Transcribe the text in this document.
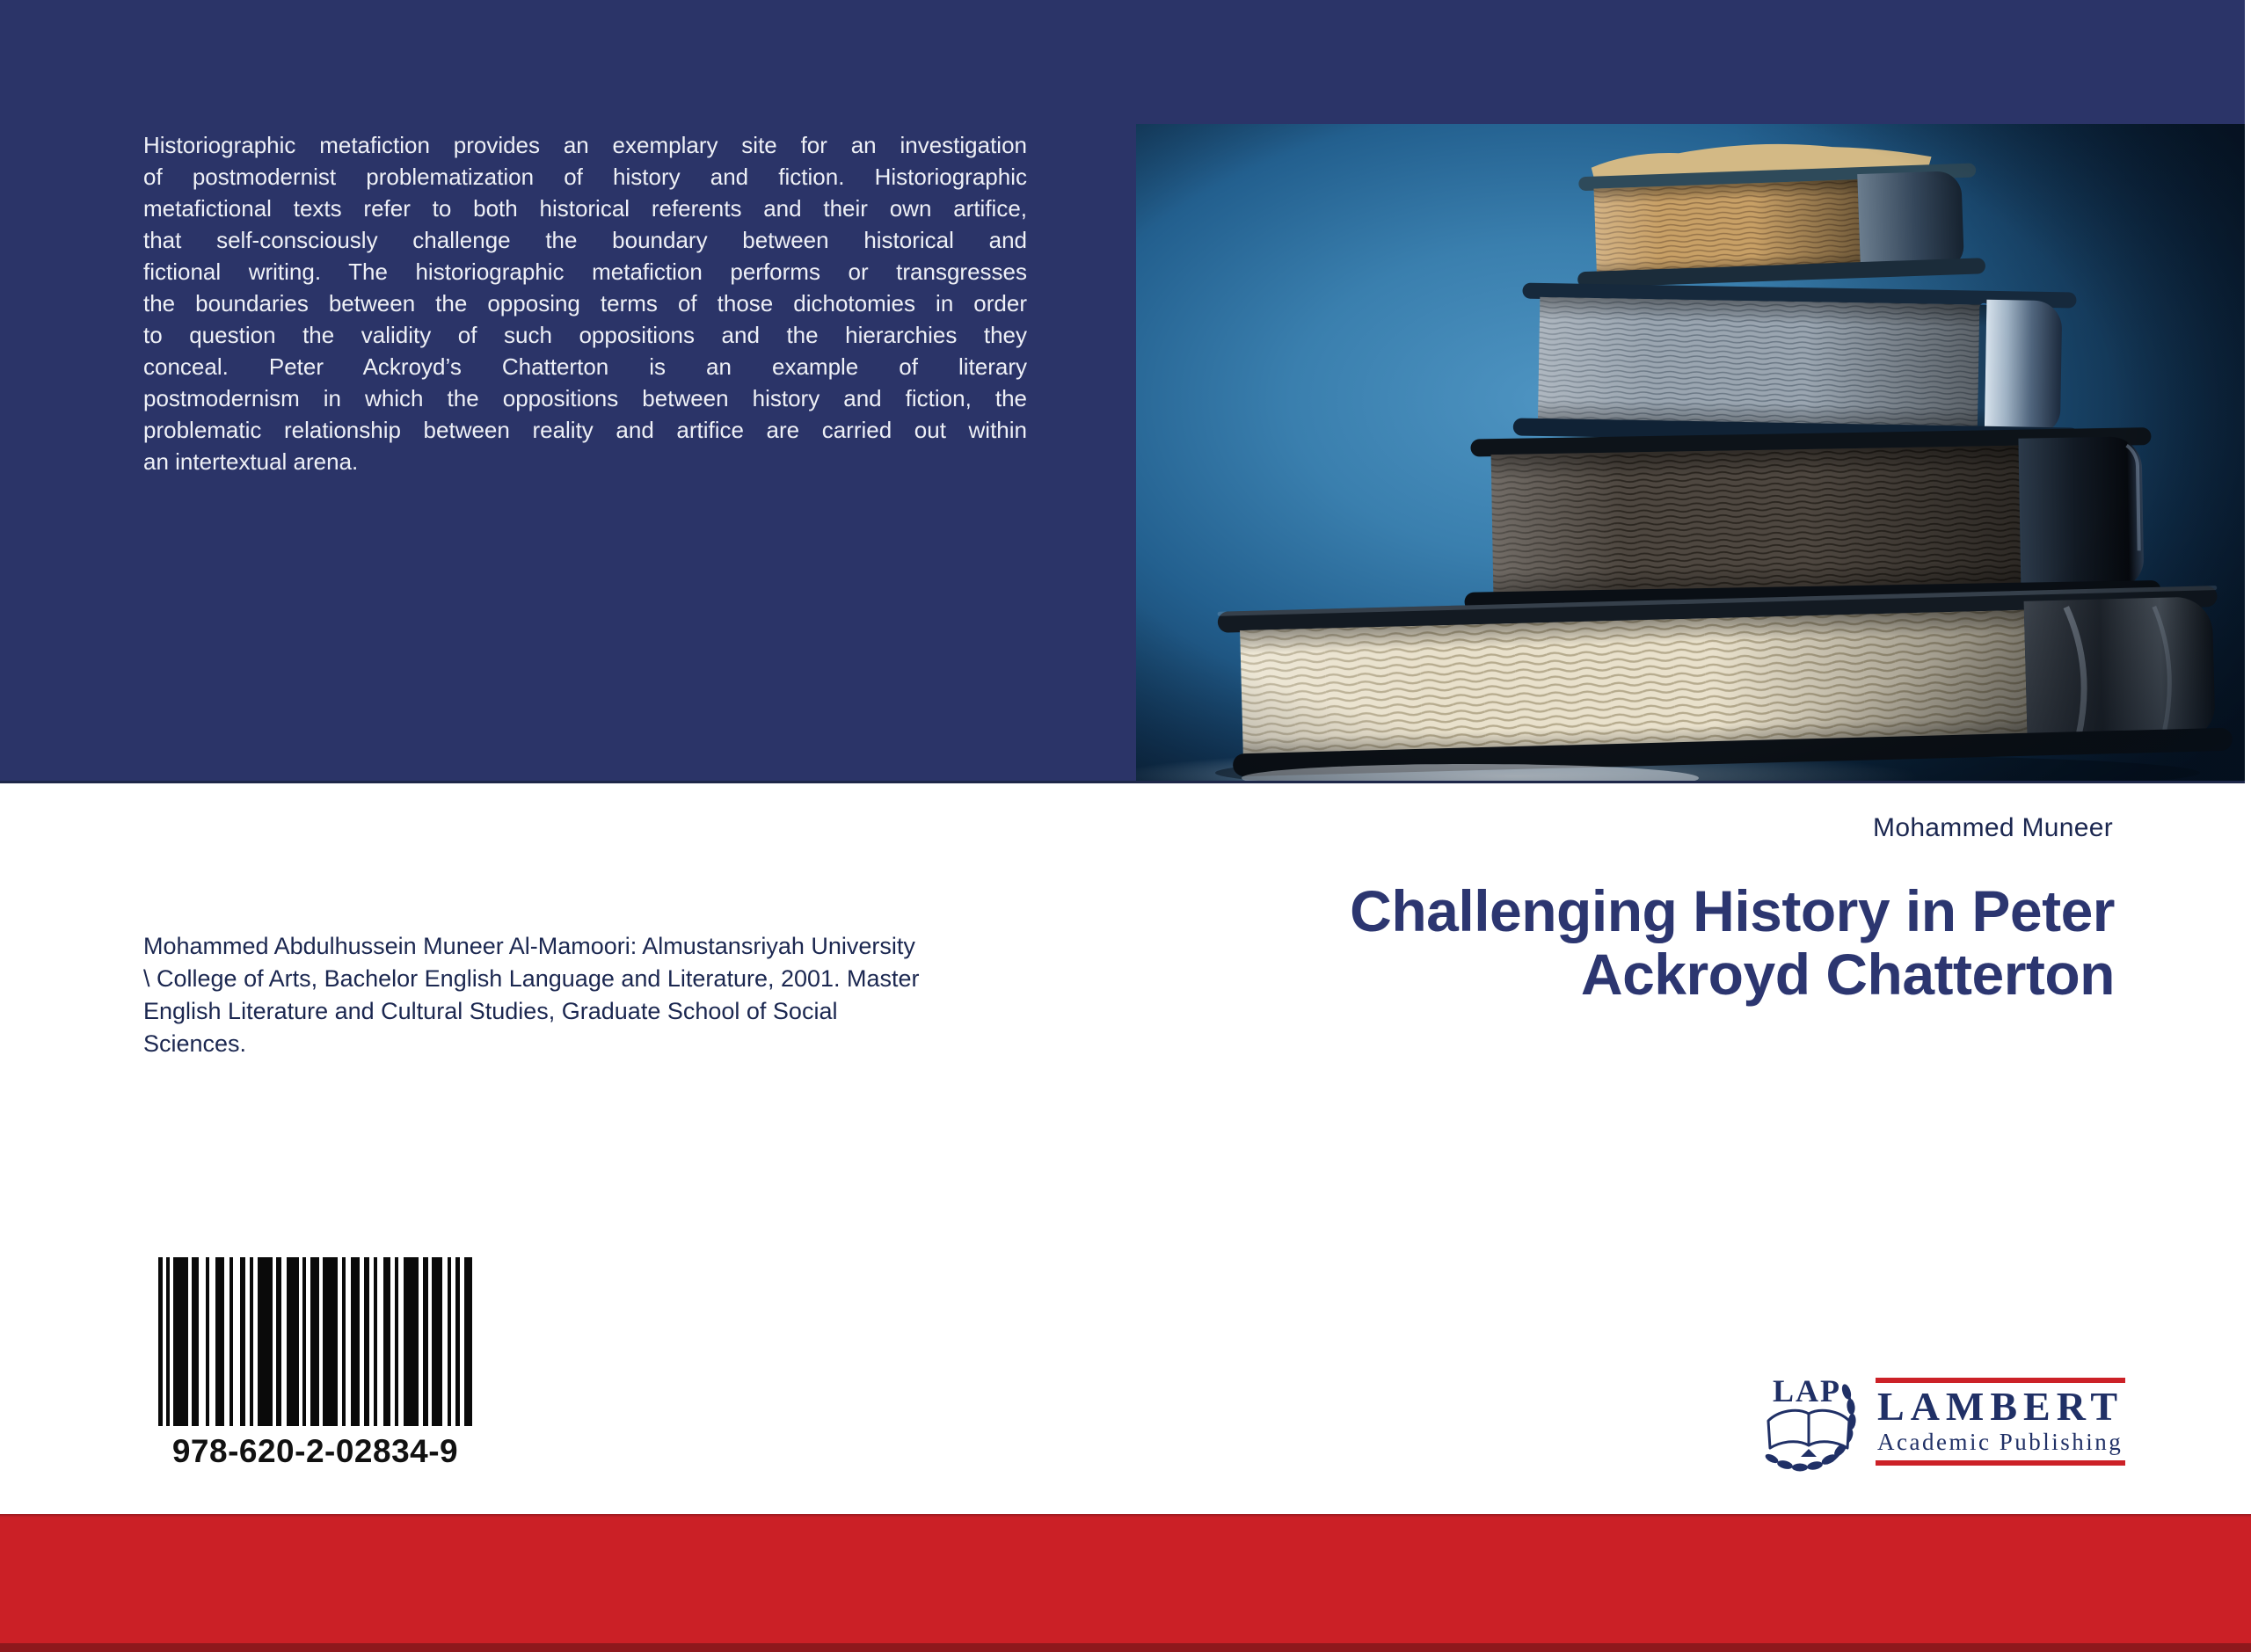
Historiographic metafiction provides an exemplary site for an investigation
of postmodernist problematization of history and fiction. Historiographic
metafictional texts refer to both historical referents and their own artifice,
that self-consciously challenge the boundary between historical and
fictional writing. The historiographic metafiction performs or transgresses
the boundaries between the opposing terms of those dichotomies in order
to question the validity of such oppositions and the hierarchies they
conceal. Peter Ackroyd’s Chatterton is an example of literary
postmodernism in which the oppositions between history and fiction, the
problematic relationship between reality and artifice are carried out within
an intertextual arena.
Mohammed Muneer
Challenging History in Peter
Ackroyd Chatterton
Mohammed Abdulhussein Muneer Al-Mamoori: Almustansriyah University
\ College of Arts, Bachelor English Language and Literature, 2001. Master
English Literature and Cultural Studies, Graduate School of Social
Sciences.
978-620-2-02834-9
LAP LAMBERT
Academic Publishing
